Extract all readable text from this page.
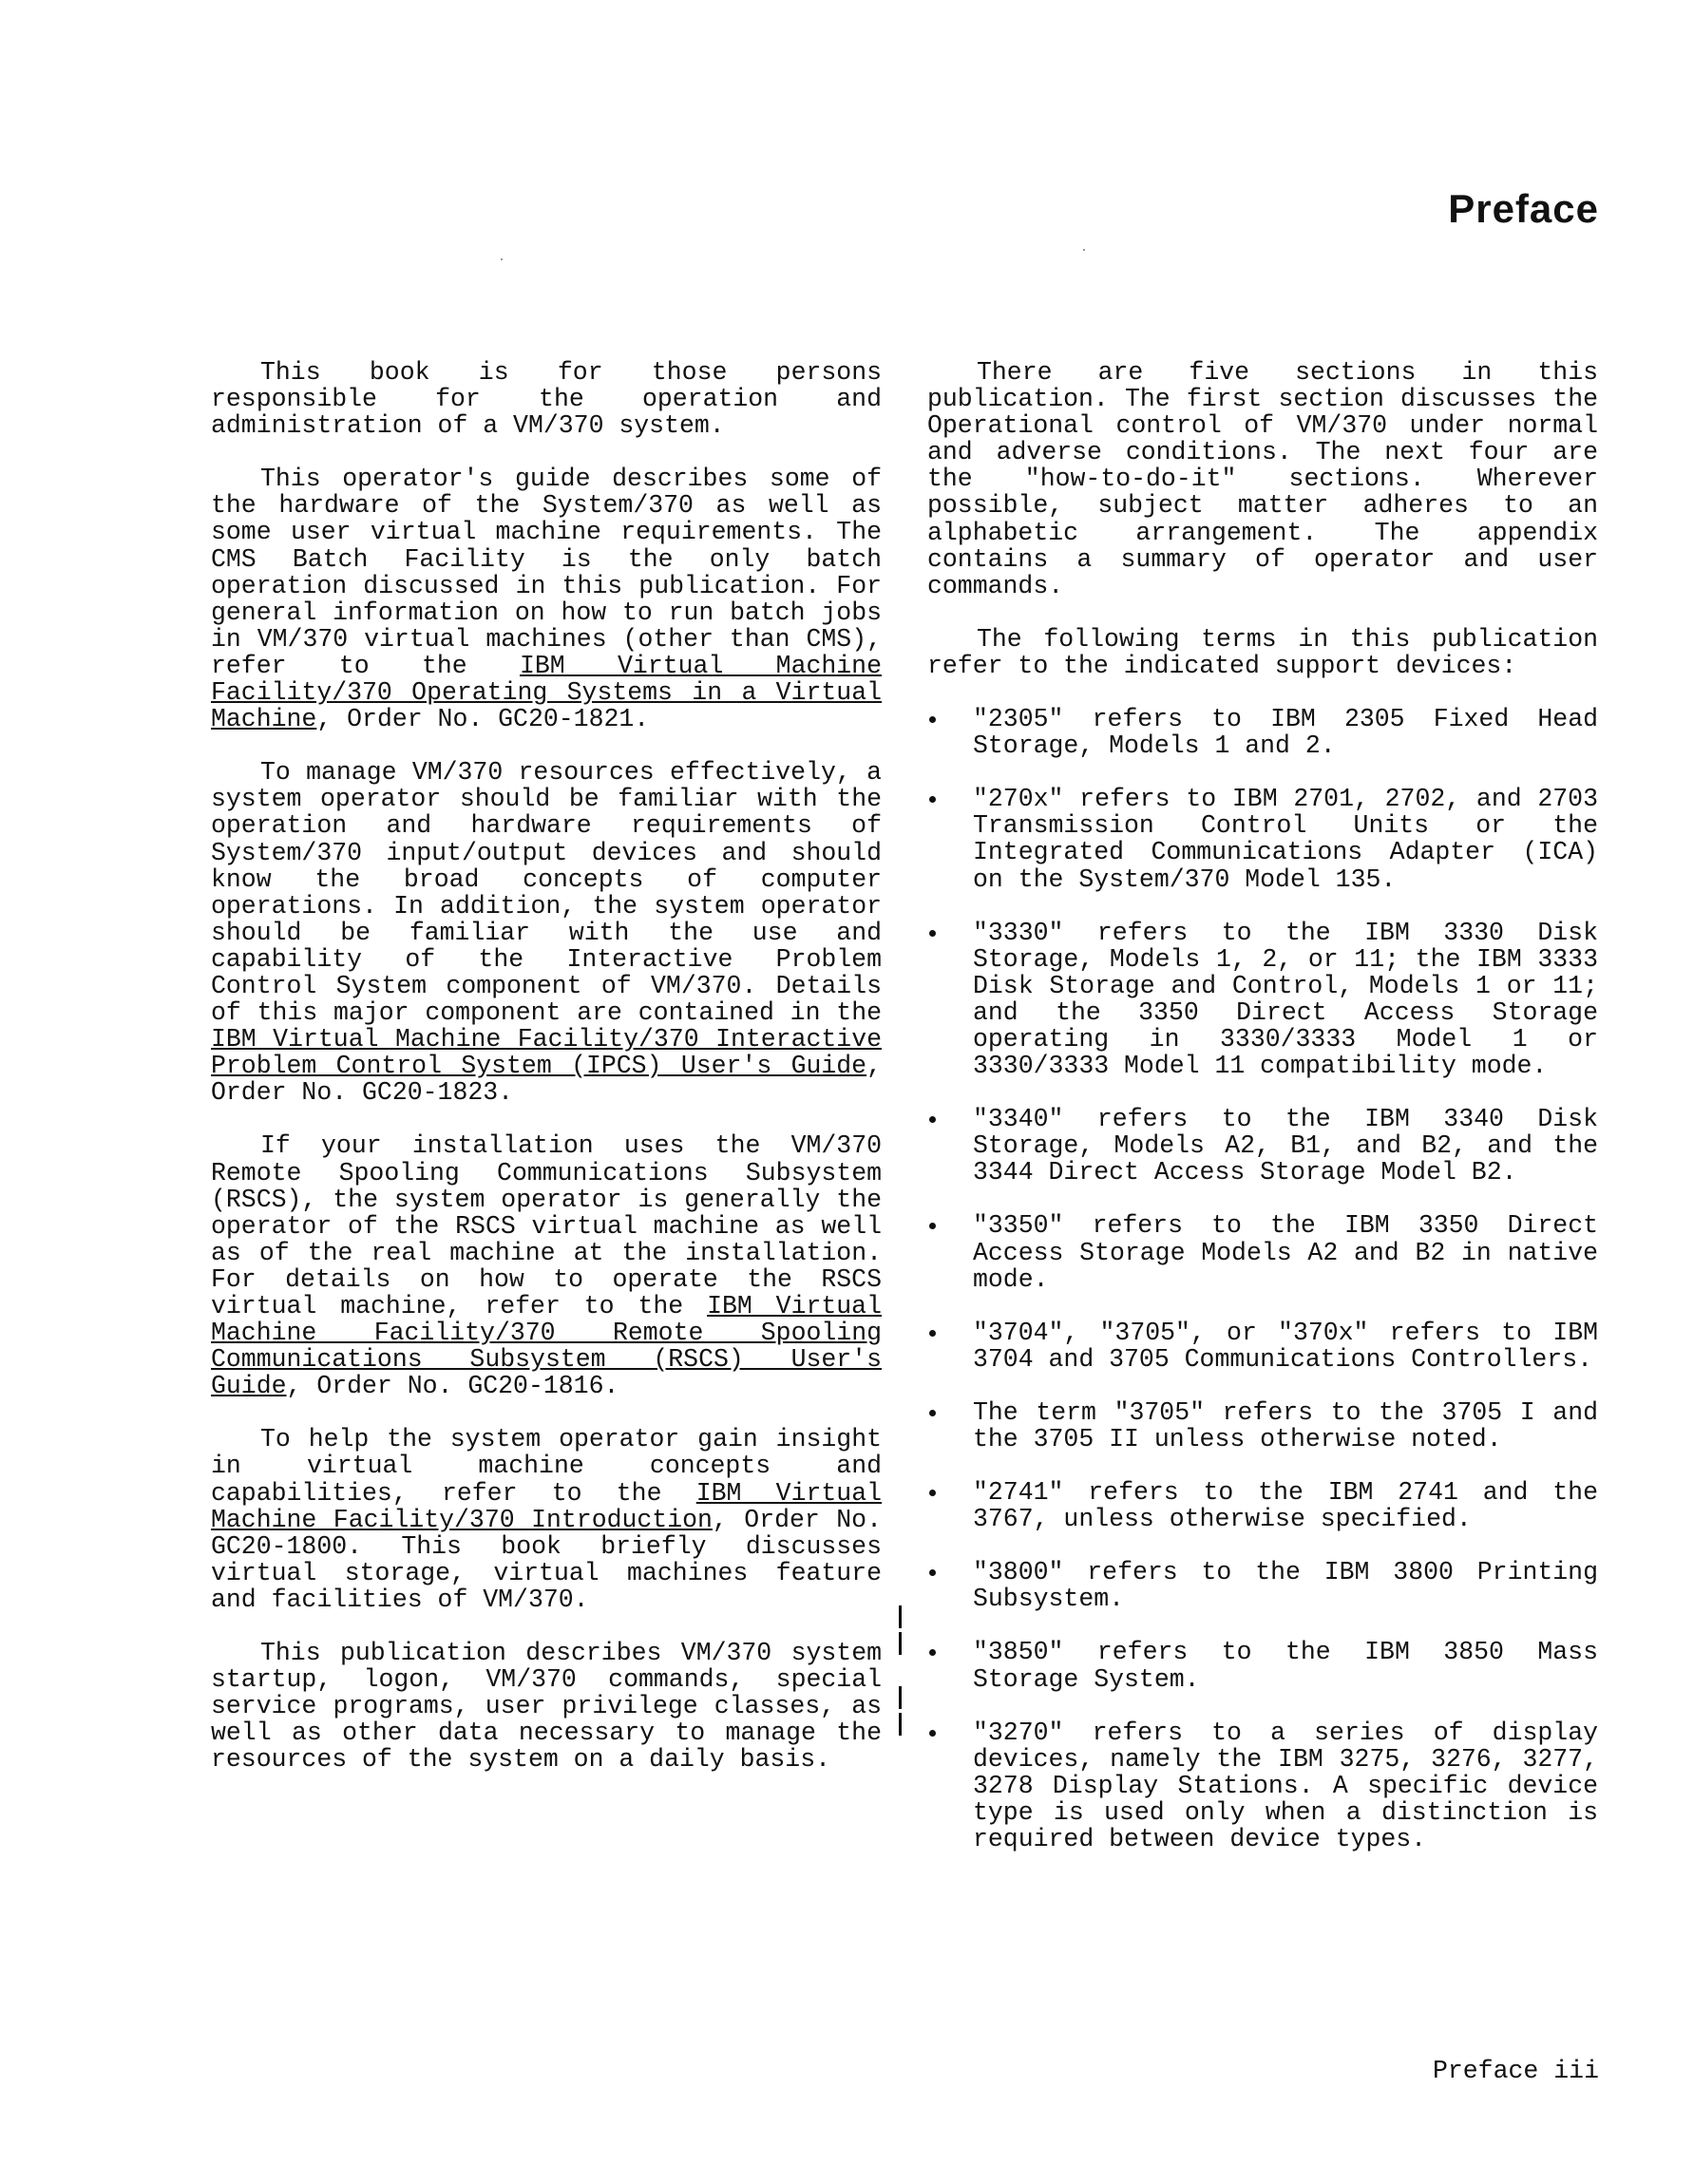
Preface

This book is for those persons responsible for the operation and administration of a VM/370 system.

This operator's guide describes some of the hardware of the System/370 as well as some user virtual machine requirements. The CMS Batch Facility is the only batch operation discussed in this publication. For general information on how to run batch jobs in VM/370 virtual machines (other than CMS), refer to the IBM Virtual Machine Facility/370 Operating Systems in a Virtual Machine, Order No. GC20-1821.

To manage VM/370 resources effectively, a system operator should be familiar with the operation and hardware requirements of System/370 input/output devices and should know the broad concepts of computer operations. In addition, the system operator should be familiar with the use and capability of the Interactive Problem Control System component of VM/370. Details of this major component are contained in the IBM Virtual Machine Facility/370 Interactive Problem Control System (IPCS) User's Guide, Order No. GC20-1823.

If your installation uses the VM/370 Remote Spooling Communications Subsystem (RSCS), the system operator is generally the operator of the RSCS virtual machine as well as of the real machine at the installation. For details on how to operate the RSCS virtual machine, refer to the IBM Virtual Machine Facility/370 Remote Spooling Communications Subsystem (RSCS) User's Guide, Order No. GC20-1816.

To help the system operator gain insight in virtual machine concepts and capabilities, refer to the IBM Virtual Machine Facility/370 Introduction, Order No. GC20-1800. This book briefly discusses virtual storage, virtual machines feature and facilities of VM/370.

This publication describes VM/370 system startup, logon, VM/370 commands, special service programs, user privilege classes, as well as other data necessary to manage the resources of the system on a daily basis.

There are five sections in this publication. The first section discusses the Operational control of VM/370 under normal and adverse conditions. The next four are the "how-to-do-it" sections. Wherever possible, subject matter adheres to an alphabetic arrangement. The appendix contains a summary of operator and user commands.

The following terms in this publication refer to the indicated support devices:

"2305" refers to IBM 2305 Fixed Head Storage, Models 1 and 2.
"270x" refers to IBM 2701, 2702, and 2703 Transmission Control Units or the Integrated Communications Adapter (ICA) on the System/370 Model 135.
"3330" refers to the IBM 3330 Disk Storage, Models 1, 2, or 11; the IBM 3333 Disk Storage and Control, Models 1 or 11; and the 3350 Direct Access Storage operating in 3330/3333 Model 1 or 3330/3333 Model 11 compatibility mode.
"3340" refers to the IBM 3340 Disk Storage, Models A2, B1, and B2, and the 3344 Direct Access Storage Model B2.
"3350" refers to the IBM 3350 Direct Access Storage Models A2 and B2 in native mode.
"3704", "3705", or "370x" refers to IBM 3704 and 3705 Communications Controllers.
The term "3705" refers to the 3705 I and the 3705 II unless otherwise noted.
"2741" refers to the IBM 2741 and the 3767, unless otherwise specified.
"3800" refers to the IBM 3800 Printing Subsystem.
"3850" refers to the IBM 3850 Mass Storage System.
"3270" refers to a series of display devices, namely the IBM 3275, 3276, 3277, 3278 Display Stations. A specific device type is used only when a distinction is required between device types.
Preface iii
